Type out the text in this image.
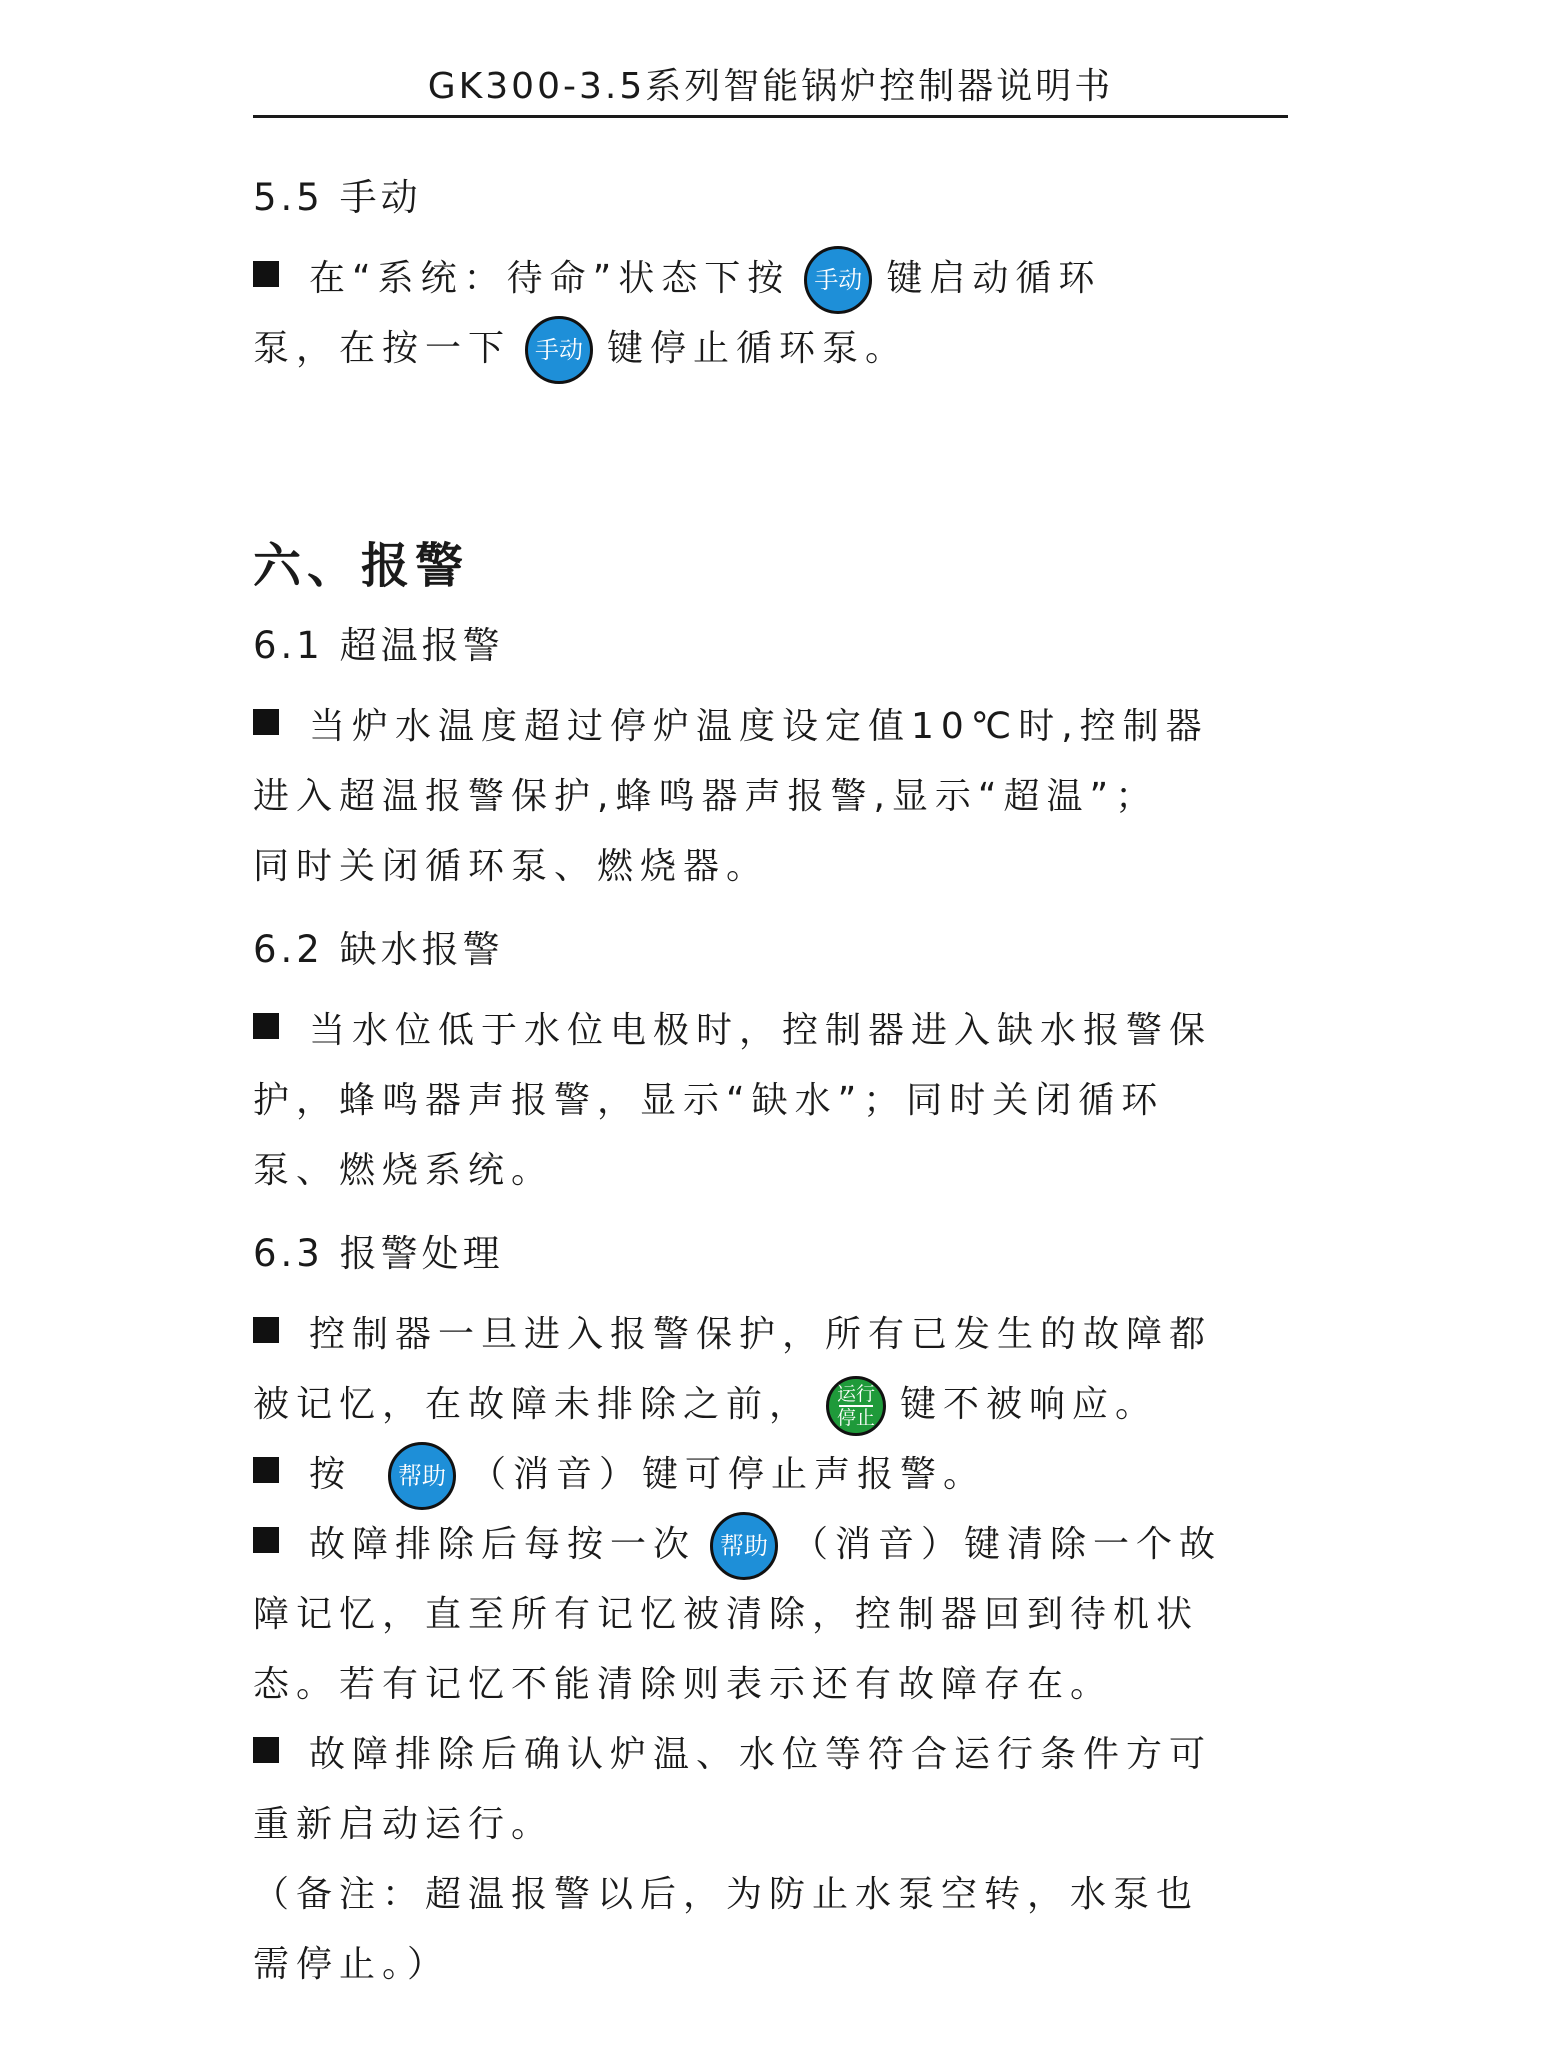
GK300-3.5系列智能锅炉控制器说明书
5.5 手动

在“系统：待命”状态下按 手动 键启动循环
泵，在按一下 手动 键停止循环泵。

六、报警
6.1 超温报警

当炉水温度超过停炉温度设定值10℃时,控制器
进入超温报警保护,蜂鸣器声报警,显示“超温”；
同时关闭循环泵、燃烧器。

6.2 缺水报警

当水位低于水位电极时，控制器进入缺水报警保
护，蜂鸣器声报警，显示“缺水”；同时关闭循环
泵、燃烧系统。

6.3 报警处理

控制器一旦进入报警保护，所有已发生的故障都
被记忆，在故障未排除之前， 运行
停止 键不被响应。
按 帮助 （消音）键可停止声报警。
故障排除后每按一次 帮助 （消音）键清除一个故
障记忆，直至所有记忆被清除，控制器回到待机状
态。若有记忆不能清除则表示还有故障存在。
故障排除后确认炉温、水位等符合运行条件方可
重新启动运行。
（备注：超温报警以后，为防止水泵空转，水泵也
需停止。）
